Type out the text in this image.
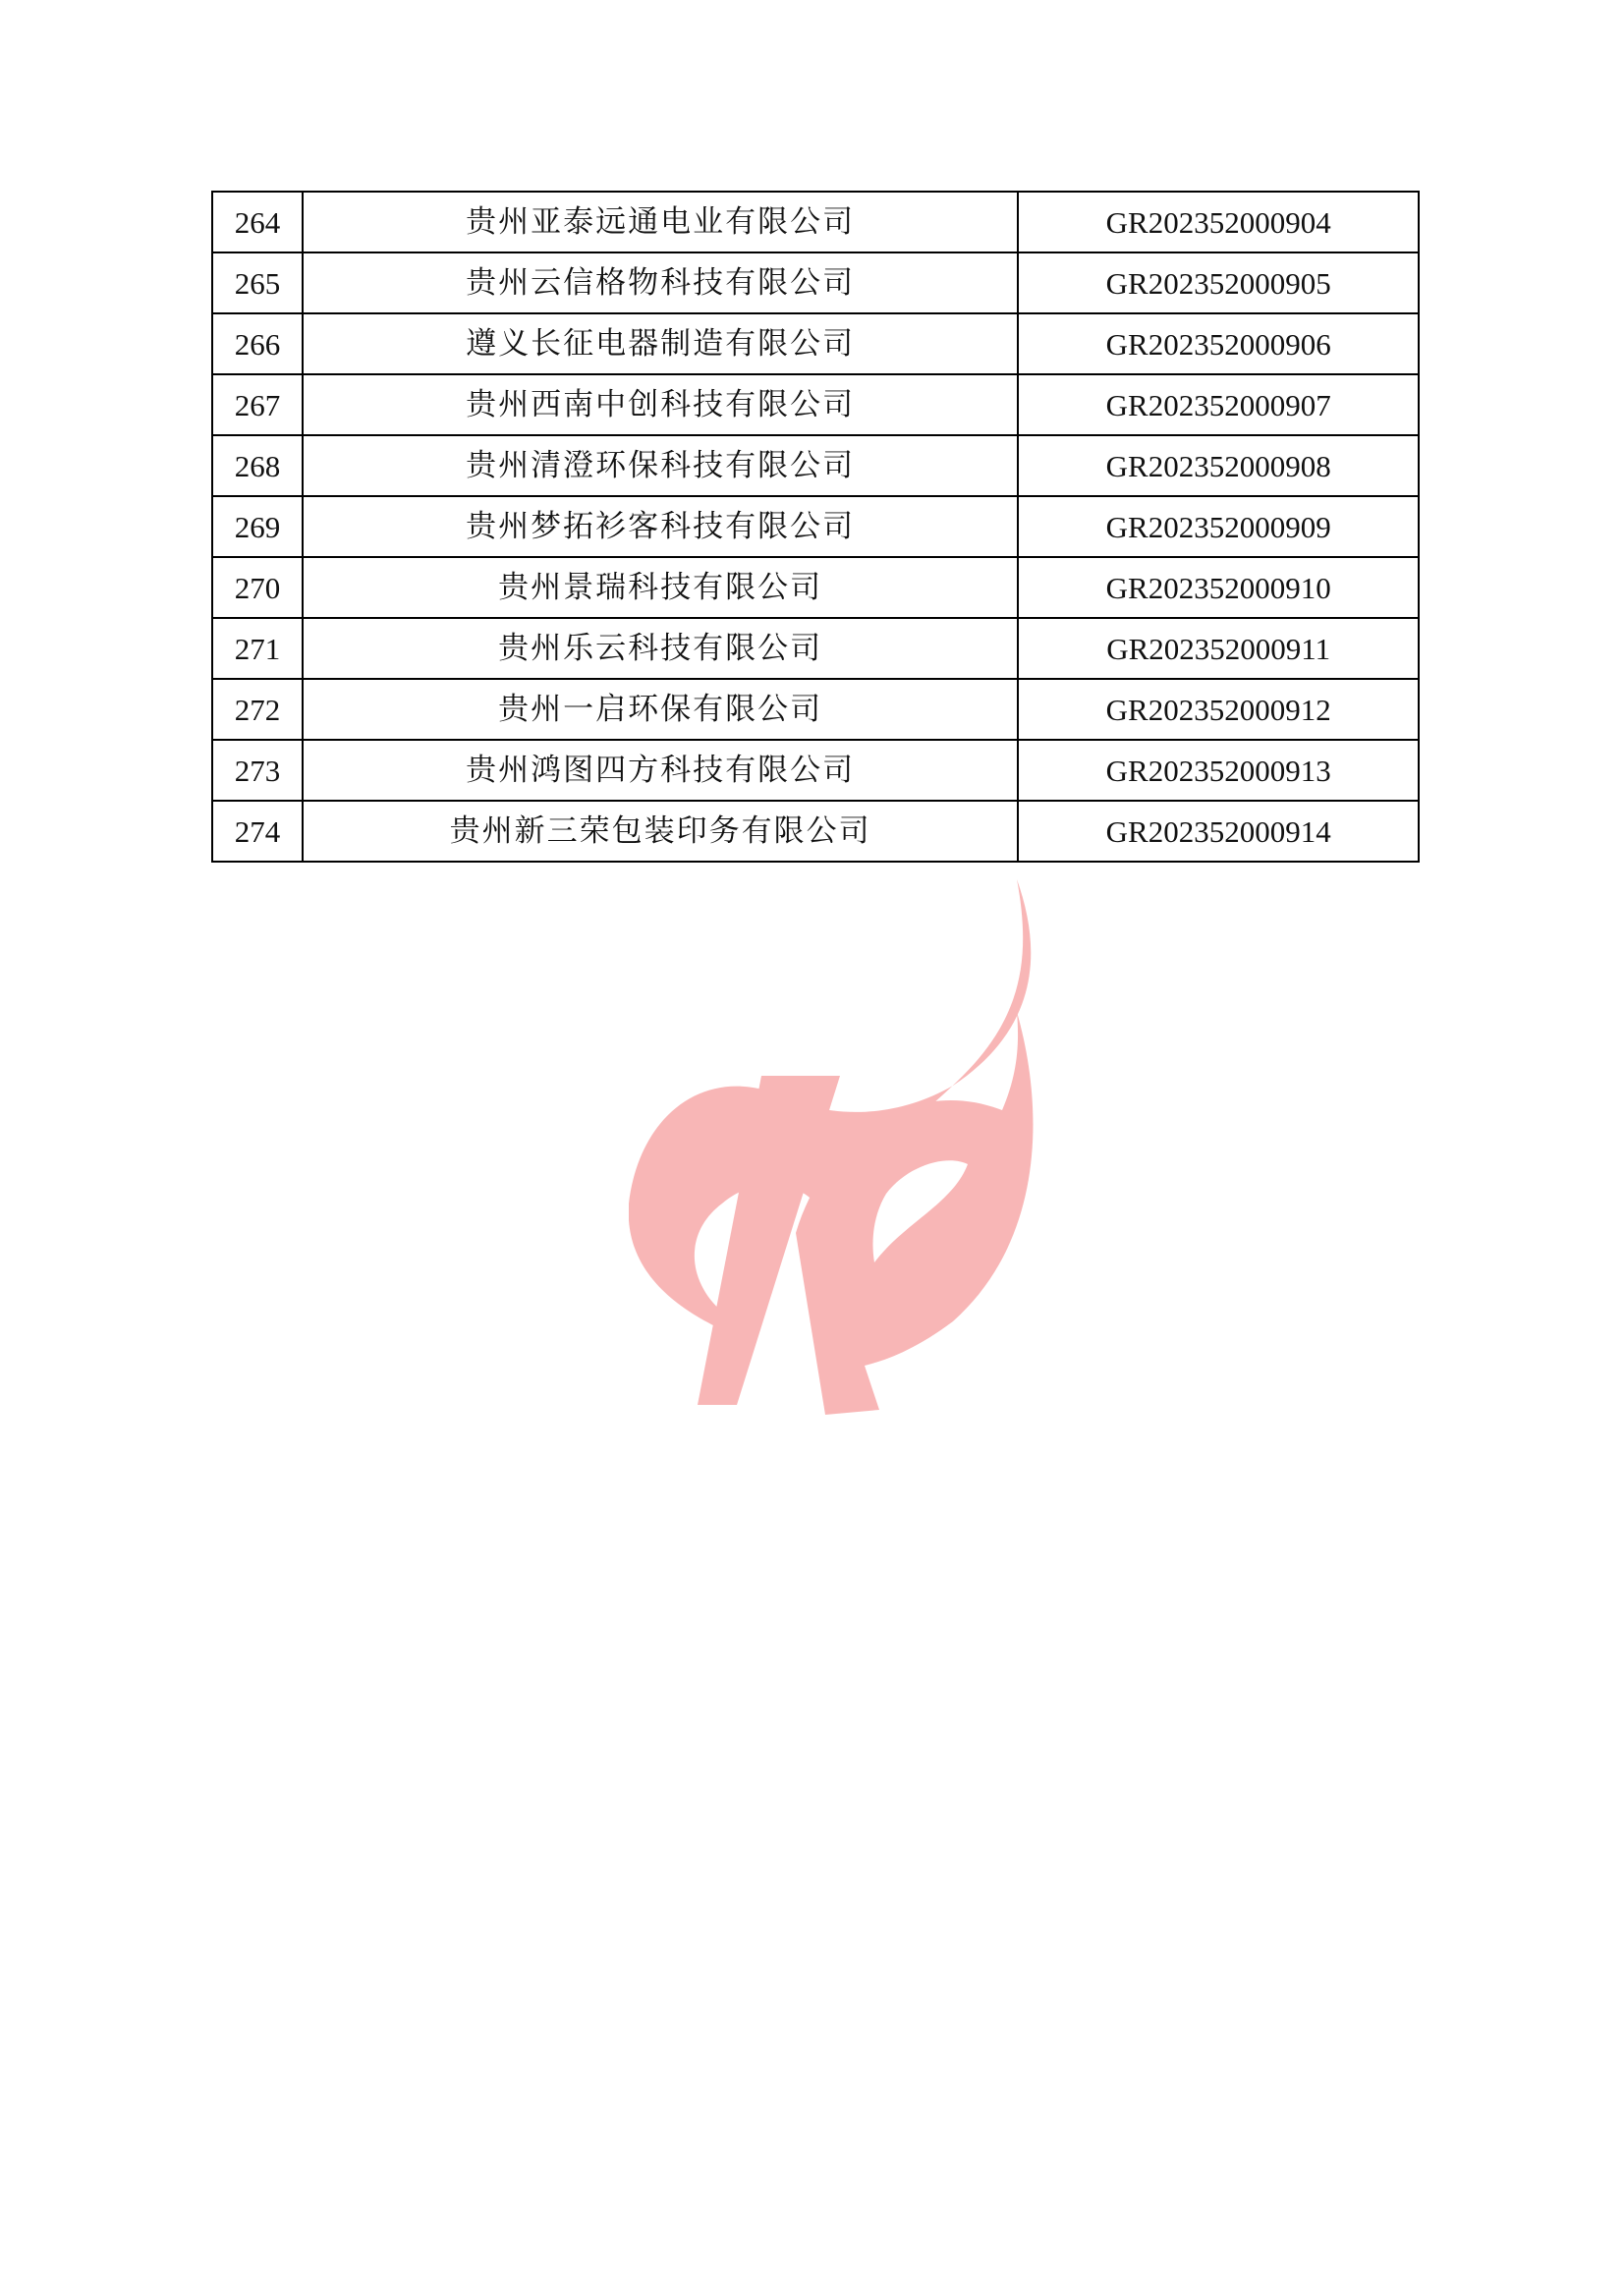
264	贵州亚泰远通电业有限公司	GR202352000904
265	贵州云信格物科技有限公司	GR202352000905
266	遵义长征电器制造有限公司	GR202352000906
267	贵州西南中创科技有限公司	GR202352000907
268	贵州清澄环保科技有限公司	GR202352000908
269	贵州梦拓衫客科技有限公司	GR202352000909
270	贵州景瑞科技有限公司	GR202352000910
271	贵州乐云科技有限公司	GR202352000911
272	贵州一启环保有限公司	GR202352000912
273	贵州鸿图四方科技有限公司	GR202352000913
274	贵州新三荣包装印务有限公司	GR202352000914
